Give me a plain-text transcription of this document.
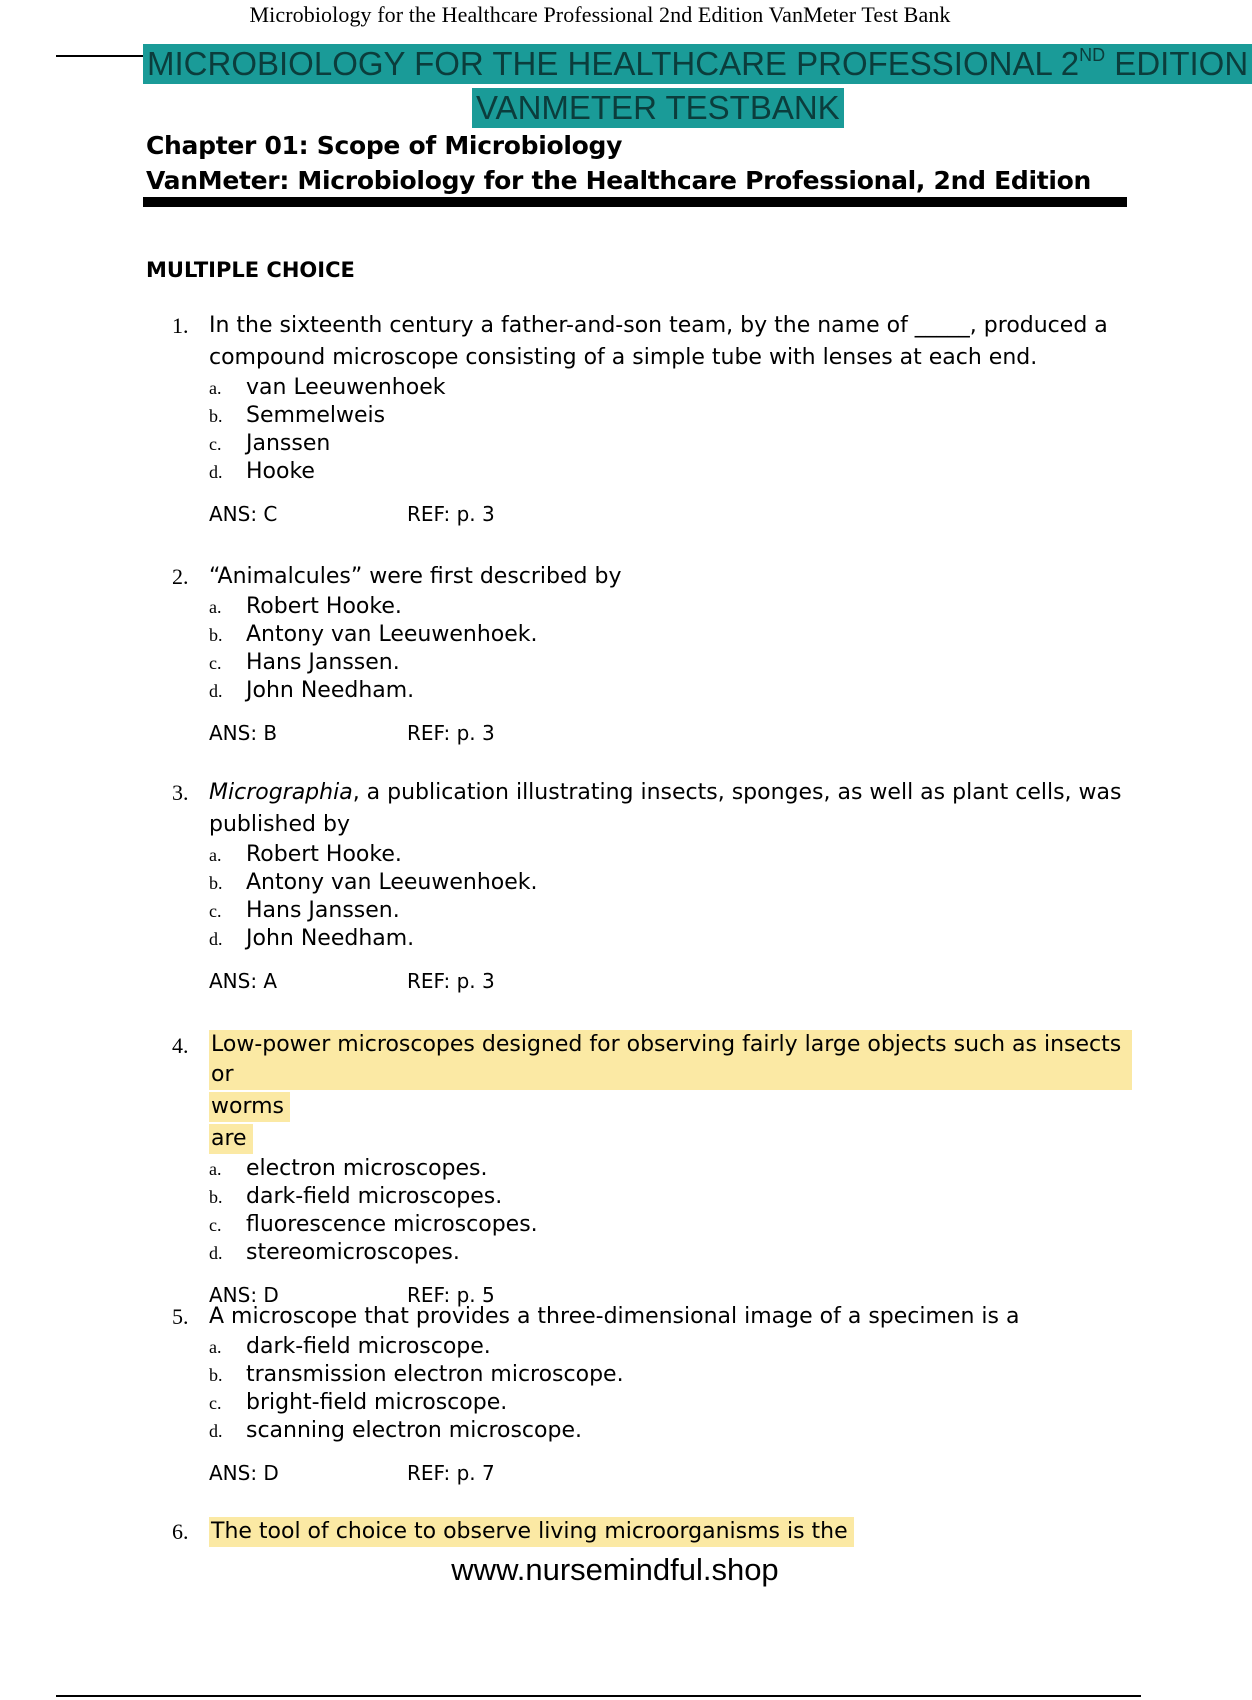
Microbiology for the Healthcare Professional 2nd Edition VanMeter Test Bank
MICROBIOLOGY FOR THE HEALTHCARE PROFESSIONAL 2ND EDITION
VANMETER TESTBANK
Chapter 01: Scope of Microbiology
VanMeter: Microbiology for the Healthcare Professional, 2nd Edition
MULTIPLE CHOICE
1. In the sixteenth century a father-and-son team, by the name of _____, produced a compound microscope consisting of a simple tube with lenses at each end.
a.	van Leeuwenhoek
b.	Semmelweis
c.	Janssen
d.	Hooke
ANS: C	REF: p. 3
2. “Animalcules” were first described by
a.	Robert Hooke.
b.	Antony van Leeuwenhoek.
c.	Hans Janssen.
d.	John Needham.
ANS: B	REF: p. 3
3. Micrographia, a publication illustrating insects, sponges, as well as plant cells, was published by
a.	Robert Hooke.
b.	Antony van Leeuwenhoek.
c.	Hans Janssen.
d.	John Needham.
ANS: A	REF: p. 3
4.	Low-power microscopes designed for observing fairly large objects such as insects or
worms
are
a.	electron microscopes.
b.	dark-field microscopes.
c.	fluorescence microscopes.
d.	stereomicroscopes.
ANS: D	REF: p. 5
5. A microscope that provides a three-dimensional image of a specimen is a
a.	dark-field microscope.
b.	transmission electron microscope.
c.	bright-field microscope.
d.	scanning electron microscope.
ANS: D	REF: p. 7
6.	The tool of choice to observe living microorganisms is the
www.nursemindful.shop
